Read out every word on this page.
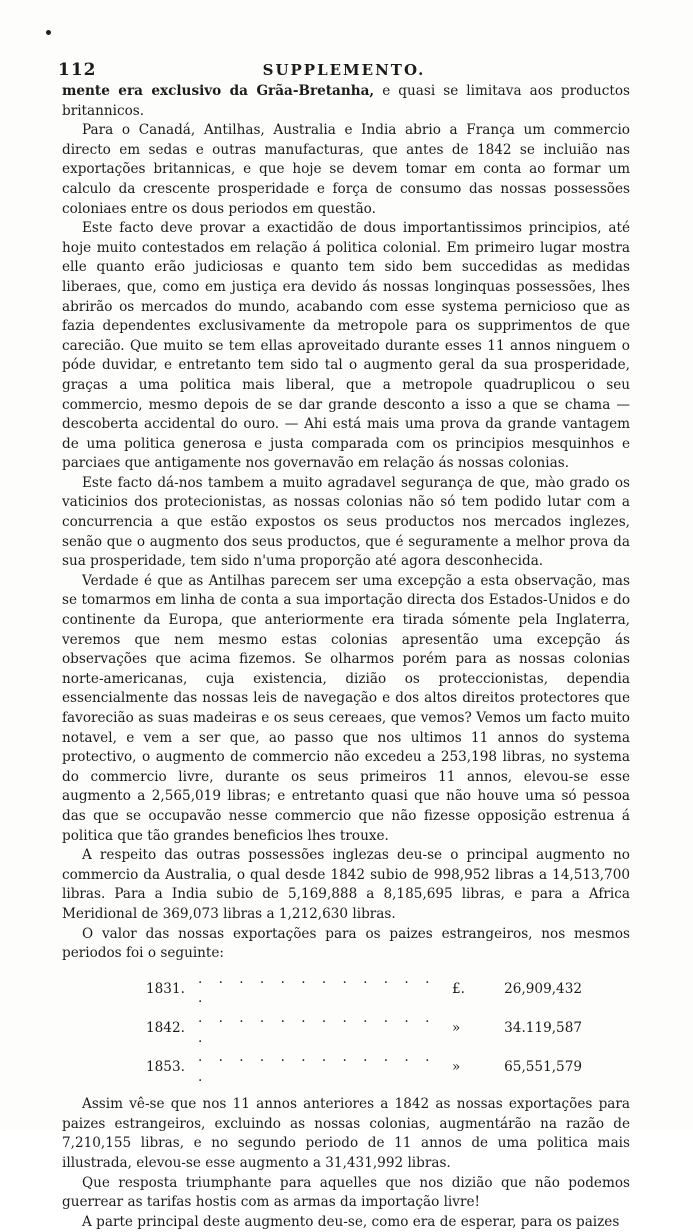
112	SUPPLEMENTO.

mente era exclusivo da Grãa-Bretanha, e quasi se limitava aos productos britannicos.

Para o Canadá, Antilhas, Australia e India abrio a França um commercio directo em sedas e outras manufacturas, que antes de 1842 se incluião nas exportações britannicas, e que hoje se devem tomar em conta ao formar um calculo da crescente prosperidade e força de consumo das nossas possessões coloniaes entre os dous periodos em questão.

Este facto deve provar a exactidão de dous importantissimos principios, até hoje muito contestados em relação á politica colonial. Em primeiro lugar mostra elle quanto erão judiciosas e quanto tem sido bem succedidas as medidas liberaes, que, como em justiça era devido ás nossas longinquas possessões, lhes abrirão os mercados do mundo, acabando com esse systema pernicioso que as fazia dependentes exclusivamente da metropole para os supprimentos de que carecião. Que muito se tem ellas aproveitado durante esses 11 annos ninguem o póde duvidar, e entretanto tem sido tal o augmento geral da sua prosperidade, graças a uma politica mais liberal, que a metropole quadruplicou o seu commercio, mesmo depois de se dar grande desconto a isso a que se chama — descoberta accidental do ouro. — Ahi está mais uma prova da grande vantagem de uma politica generosa e justa comparada com os principios mesquinhos e parciaes que antigamente nos governavão em relação ás nossas colonias.

Este facto dá-nos tambem a muito agradavel segurança de que, mào grado os vaticinios dos protecionistas, as nossas colonias não só tem podido lutar com a concurrencia a que estão expostos os seus productos nos mercados inglezes, senão que o augmento dos seus productos, que é seguramente a melhor prova da sua prosperidade, tem sido n'uma proporção até agora desconhecida.

Verdade é que as Antilhas parecem ser uma excepção a esta observação, mas se tomarmos em linha de conta a sua importação directa dos Estados-Unidos e do continente da Europa, que anteriormente era tirada sómente pela Inglaterra, veremos que nem mesmo estas colonias apresentão uma excepção ás observações que acima fizemos. Se olharmos porém para as nossas colonias norte-americanas, cuja existencia, dizião os proteccionistas, dependia essencialmente das nossas leis de navegação e dos altos direitos protectores que favorecião as suas madeiras e os seus cereaes, que vemos? Vemos um facto muito notavel, e vem a ser que, ao passo que nos ultimos 11 annos do systema protectivo, o augmento de commercio não excedeu a 253,198 libras, no systema do commercio livre, durante os seus primeiros 11 annos, elevou-se esse augmento a 2,565,019 libras; e entretanto quasi que não houve uma só pessoa das que se occupavão nesse commercio que não fizesse opposição estrenua á politica que tão grandes beneficios lhes trouxe.

A respeito das outras possessões inglezas deu-se o principal augmento no commercio da Australia, o qual desde 1842 subio de 998,952 libras a 14,513,700 libras. Para a India subio de 5,169,888 a 8,185,695 libras, e para a Africa Meridional de 369,073 libras a 1,212,630 libras.

O valor das nossas exportações para os paizes estrangeiros, nos mesmos periodos foi o seguinte:

1831.	. . . . . . . . . . . . .	£.	26,909,432
1842.	. . . . . . . . . . . . .	»	34.119,587
1853.	. . . . . . . . . . . . .	»	65,551,579

Assim vê-se que nos 11 annos anteriores a 1842 as nossas exportações para paizes estrangeiros, excluindo as nossas colonias, augmentárão na razão de 7,210,155 libras, e no segundo periodo de 11 annos de uma politica mais illustrada, elevou-se esse augmento a 31,431,992 libras.

Que resposta triumphante para aquelles que nos dizião que não podemos guerrear as tarifas hostis com as armas da importação livre!

A parte principal deste augmento deu-se, como era de esperar, para os paizes
